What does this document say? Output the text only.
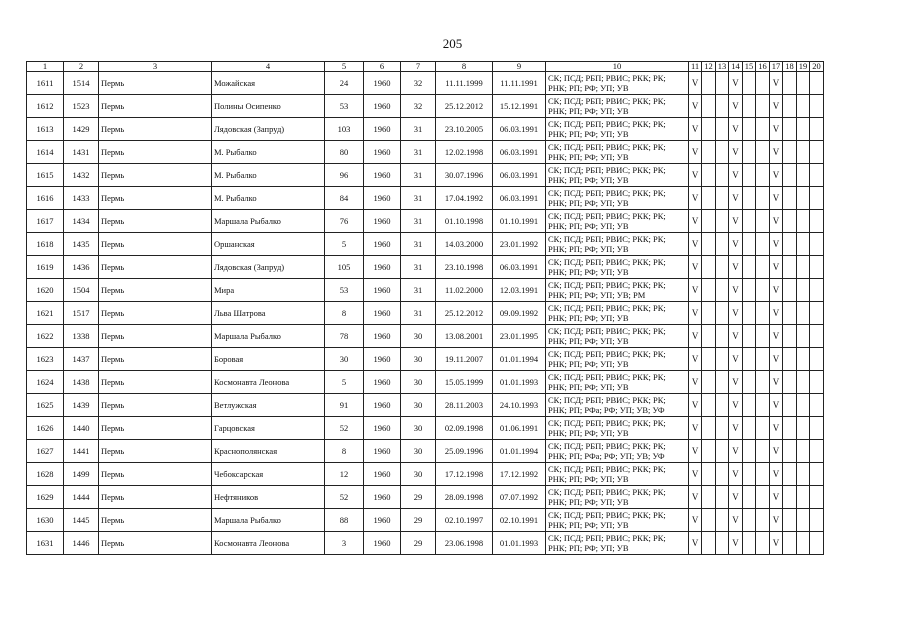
205
1	2	3	4	5	6	7	8	9	10	11	12	13	14	15	16	17	18	19	20
1611	1514	Пермь	Можайская	24	1960	32	11.11.1999	11.11.1991	СК; ПСД; РБП; РВИС; РКК; РК;
РНК; РП; РФ; УП; УВ	V			V			V			
1612	1523	Пермь	Полины Осипенко	53	1960	32	25.12.2012	15.12.1991	СК; ПСД; РБП; РВИС; РКК; РК;
РНК; РП; РФ; УП; УВ	V			V			V			
1613	1429	Пермь	Лядовская (Запруд)	103	1960	31	23.10.2005	06.03.1991	СК; ПСД; РБП; РВИС; РКК; РК;
РНК; РП; РФ; УП; УВ	V			V			V			
1614	1431	Пермь	М. Рыбалко	80	1960	31	12.02.1998	06.03.1991	СК; ПСД; РБП; РВИС; РКК; РК;
РНК; РП; РФ; УП; УВ	V			V			V			
1615	1432	Пермь	М. Рыбалко	96	1960	31	30.07.1996	06.03.1991	СК; ПСД; РБП; РВИС; РКК; РК;
РНК; РП; РФ; УП; УВ	V			V			V			
1616	1433	Пермь	М. Рыбалко	84	1960	31	17.04.1992	06.03.1991	СК; ПСД; РБП; РВИС; РКК; РК;
РНК; РП; РФ; УП; УВ	V			V			V			
1617	1434	Пермь	Маршала Рыбалко	76	1960	31	01.10.1998	01.10.1991	СК; ПСД; РБП; РВИС; РКК; РК;
РНК; РП; РФ; УП; УВ	V			V			V			
1618	1435	Пермь	Оршанская	5	1960	31	14.03.2000	23.01.1992	СК; ПСД; РБП; РВИС; РКК; РК;
РНК; РП; РФ; УП; УВ	V			V			V			
1619	1436	Пермь	Лядовская (Запруд)	105	1960	31	23.10.1998	06.03.1991	СК; ПСД; РБП; РВИС; РКК; РК;
РНК; РП; РФ; УП; УВ	V			V			V			
1620	1504	Пермь	Мира	53	1960	31	11.02.2000	12.03.1991	СК; ПСД; РБП; РВИС; РКК; РК;
РНК; РП; РФ; УП; УВ; РМ	V			V			V			
1621	1517	Пермь	Льва Шатрова	8	1960	31	25.12.2012	09.09.1992	СК; ПСД; РБП; РВИС; РКК; РК;
РНК; РП; РФ; УП; УВ	V			V			V			
1622	1338	Пермь	Маршала Рыбалко	78	1960	30	13.08.2001	23.01.1995	СК; ПСД; РБП; РВИС; РКК; РК;
РНК; РП; РФ; УП; УВ	V			V			V			
1623	1437	Пермь	Боровая	30	1960	30	19.11.2007	01.01.1994	СК; ПСД; РБП; РВИС; РКК; РК;
РНК; РП; РФ; УП; УВ	V			V			V			
1624	1438	Пермь	Космонавта Леонова	5	1960	30	15.05.1999	01.01.1993	СК; ПСД; РБП; РВИС; РКК; РК;
РНК; РП; РФ; УП; УВ	V			V			V			
1625	1439	Пермь	Ветлужская	91	1960	30	28.11.2003	24.10.1993	СК; ПСД; РБП; РВИС; РКК; РК;
РНК; РП; РФа; РФ; УП; УВ; УФ	V			V			V			
1626	1440	Пермь	Гарцовская	52	1960	30	02.09.1998	01.06.1991	СК; ПСД; РБП; РВИС; РКК; РК;
РНК; РП; РФ; УП; УВ	V			V			V			
1627	1441	Пермь	Краснополянская	8	1960	30	25.09.1996	01.01.1994	СК; ПСД; РБП; РВИС; РКК; РК;
РНК; РП; РФа; РФ; УП; УВ; УФ	V			V			V			
1628	1499	Пермь	Чебоксарская	12	1960	30	17.12.1998	17.12.1992	СК; ПСД; РБП; РВИС; РКК; РК;
РНК; РП; РФ; УП; УВ	V			V			V			
1629	1444	Пермь	Нефтяников	52	1960	29	28.09.1998	07.07.1992	СК; ПСД; РБП; РВИС; РКК; РК;
РНК; РП; РФ; УП; УВ	V			V			V			
1630	1445	Пермь	Маршала Рыбалко	88	1960	29	02.10.1997	02.10.1991	СК; ПСД; РБП; РВИС; РКК; РК;
РНК; РП; РФ; УП; УВ	V			V			V			
1631	1446	Пермь	Космонавта Леонова	3	1960	29	23.06.1998	01.01.1993	СК; ПСД; РБП; РВИС; РКК; РК;
РНК; РП; РФ; УП; УВ	V			V			V			
